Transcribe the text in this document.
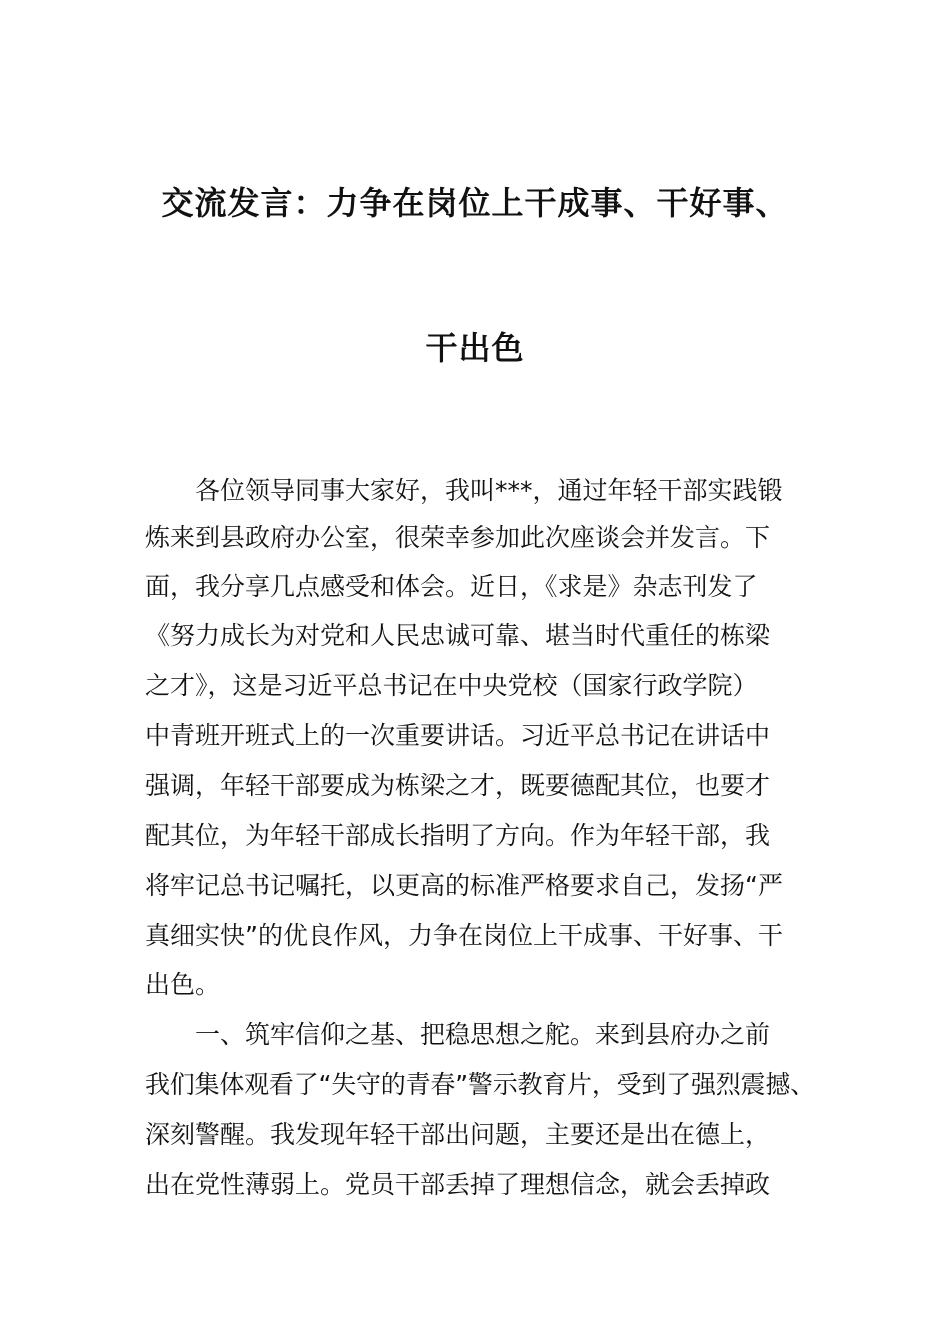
交流发言：力争在岗位上干成事、干好事、
干出色
各位领导同事大家好，我叫***，通过年轻干部实践锻
炼来到县政府办公室，很荣幸参加此次座谈会并发言。下
面，我分享几点感受和体会。近日，《求是》杂志刊发了
《努力成长为对党和人民忠诚可靠、堪当时代重任的栋梁
之才》，这是习近平总书记在中央党校（国家行政学院）
中青班开班式上的一次重要讲话。习近平总书记在讲话中
强调，年轻干部要成为栋梁之才，既要德配其位，也要才
配其位，为年轻干部成长指明了方向。作为年轻干部，我
将牢记总书记嘱托，以更高的标准严格要求自己，发扬“严
真细实快”的优良作风，力争在岗位上干成事、干好事、干
出色。
一、筑牢信仰之基、把稳思想之舵。来到县府办之前
我们集体观看了“失守的青春”警示教育片，受到了强烈震撼、
深刻警醒。我发现年轻干部出问题，主要还是出在德上，
出在党性薄弱上。党员干部丢掉了理想信念，就会丢掉政
